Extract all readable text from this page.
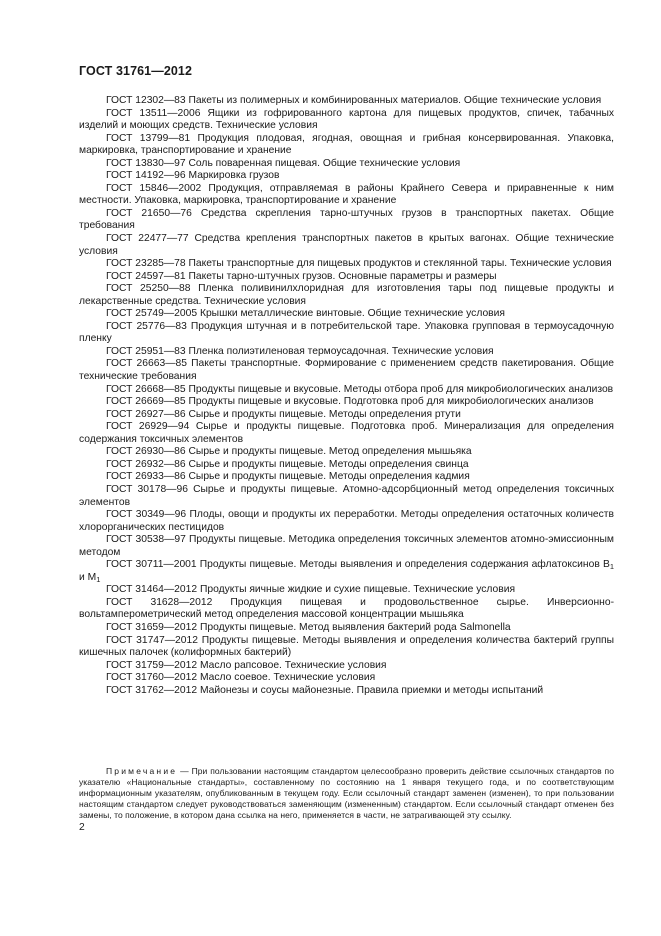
ГОСТ 31761—2012

ГОСТ 12302—83 Пакеты из полимерных и комбинированных материалов. Общие технические условия

ГОСТ 13511—2006 Ящики из гофрированного картона для пищевых продуктов, спичек, табачных изделий и моющих средств. Технические условия

ГОСТ 13799—81 Продукция плодовая, ягодная, овощная и грибная консервированная. Упаковка, маркировка, транспортирование и хранение

ГОСТ 13830—97 Соль поваренная пищевая. Общие технические условия

ГОСТ 14192—96 Маркировка грузов

ГОСТ 15846—2002 Продукция, отправляемая в районы Крайнего Севера и приравненные к ним местности. Упаковка, маркировка, транспортирование и хранение

ГОСТ 21650—76 Средства скрепления тарно-штучных грузов в транспортных пакетах. Общие требования

ГОСТ 22477—77 Средства крепления транспортных пакетов в крытых вагонах. Общие технические условия

ГОСТ 23285—78 Пакеты транспортные для пищевых продуктов и стеклянной тары. Технические условия

ГОСТ 24597—81 Пакеты тарно-штучных грузов. Основные параметры и размеры

ГОСТ 25250—88 Пленка поливинилхлоридная для изготовления тары под пищевые продукты и лекарственные средства. Технические условия

ГОСТ 25749—2005 Крышки металлические винтовые. Общие технические условия

ГОСТ 25776—83 Продукция штучная и в потребительской таре. Упаковка групповая в термоусадочную пленку

ГОСТ 25951—83 Пленка полиэтиленовая термоусадочная. Технические условия

ГОСТ 26663—85 Пакеты транспортные. Формирование с применением средств пакетирования. Общие технические требования

ГОСТ 26668—85 Продукты пищевые и вкусовые. Методы отбора проб для микробиологических анализов

ГОСТ 26669—85 Продукты пищевые и вкусовые. Подготовка проб для микробиологических анализов

ГОСТ 26927—86 Сырье и продукты пищевые. Методы определения ртути

ГОСТ 26929—94 Сырье и продукты пищевые. Подготовка проб. Минерализация для определения содержания токсичных элементов

ГОСТ 26930—86 Сырье и продукты пищевые. Метод определения мышьяка

ГОСТ 26932—86 Сырье и продукты пищевые. Методы определения свинца

ГОСТ 26933—86 Сырье и продукты пищевые. Методы определения кадмия

ГОСТ 30178—96 Сырье и продукты пищевые. Атомно-адсорбционный метод определения токсичных элементов

ГОСТ 30349—96 Плоды, овощи и продукты их переработки. Методы определения остаточных количеств хлорорганических пестицидов

ГОСТ 30538—97 Продукты пищевые. Методика определения токсичных элементов атомно-эмиссионным методом

ГОСТ 30711—2001 Продукты пищевые. Методы выявления и определения содержания афлатоксинов $B_1$ и $M_1$

ГОСТ 31464—2012 Продукты яичные жидкие и сухие пищевые. Технические условия

ГОСТ 31628—2012 Продукция пищевая и продовольственное сырье. Инверсионно-вольтамперометрический метод определения массовой концентрации мышьяка

ГОСТ 31659—2012 Продукты пищевые. Метод выявления бактерий рода Salmonella

ГОСТ 31747—2012 Продукты пищевые. Методы выявления и определения количества бактерий группы кишечных палочек (колиформных бактерий)

ГОСТ 31759—2012 Масло рапсовое. Технические условия

ГОСТ 31760—2012 Масло соевое. Технические условия

ГОСТ 31762—2012 Майонезы и соусы майонезные. Правила приемки и методы испытаний

Примечание — При пользовании настоящим стандартом целесообразно проверить действие ссылочных стандартов по указателю «Национальные стандарты», составленному по состоянию на 1 января текущего года, и по соответствующим информационным указателям, опубликованным в текущем году. Если ссылочный стандарт заменен (изменен), то при пользовании настоящим стандартом следует руководствоваться заменяющим (измененным) стандартом. Если ссылочный стандарт отменен без замены, то положение, в котором дана ссылка на него, применяется в части, не затрагивающей эту ссылку.
2
